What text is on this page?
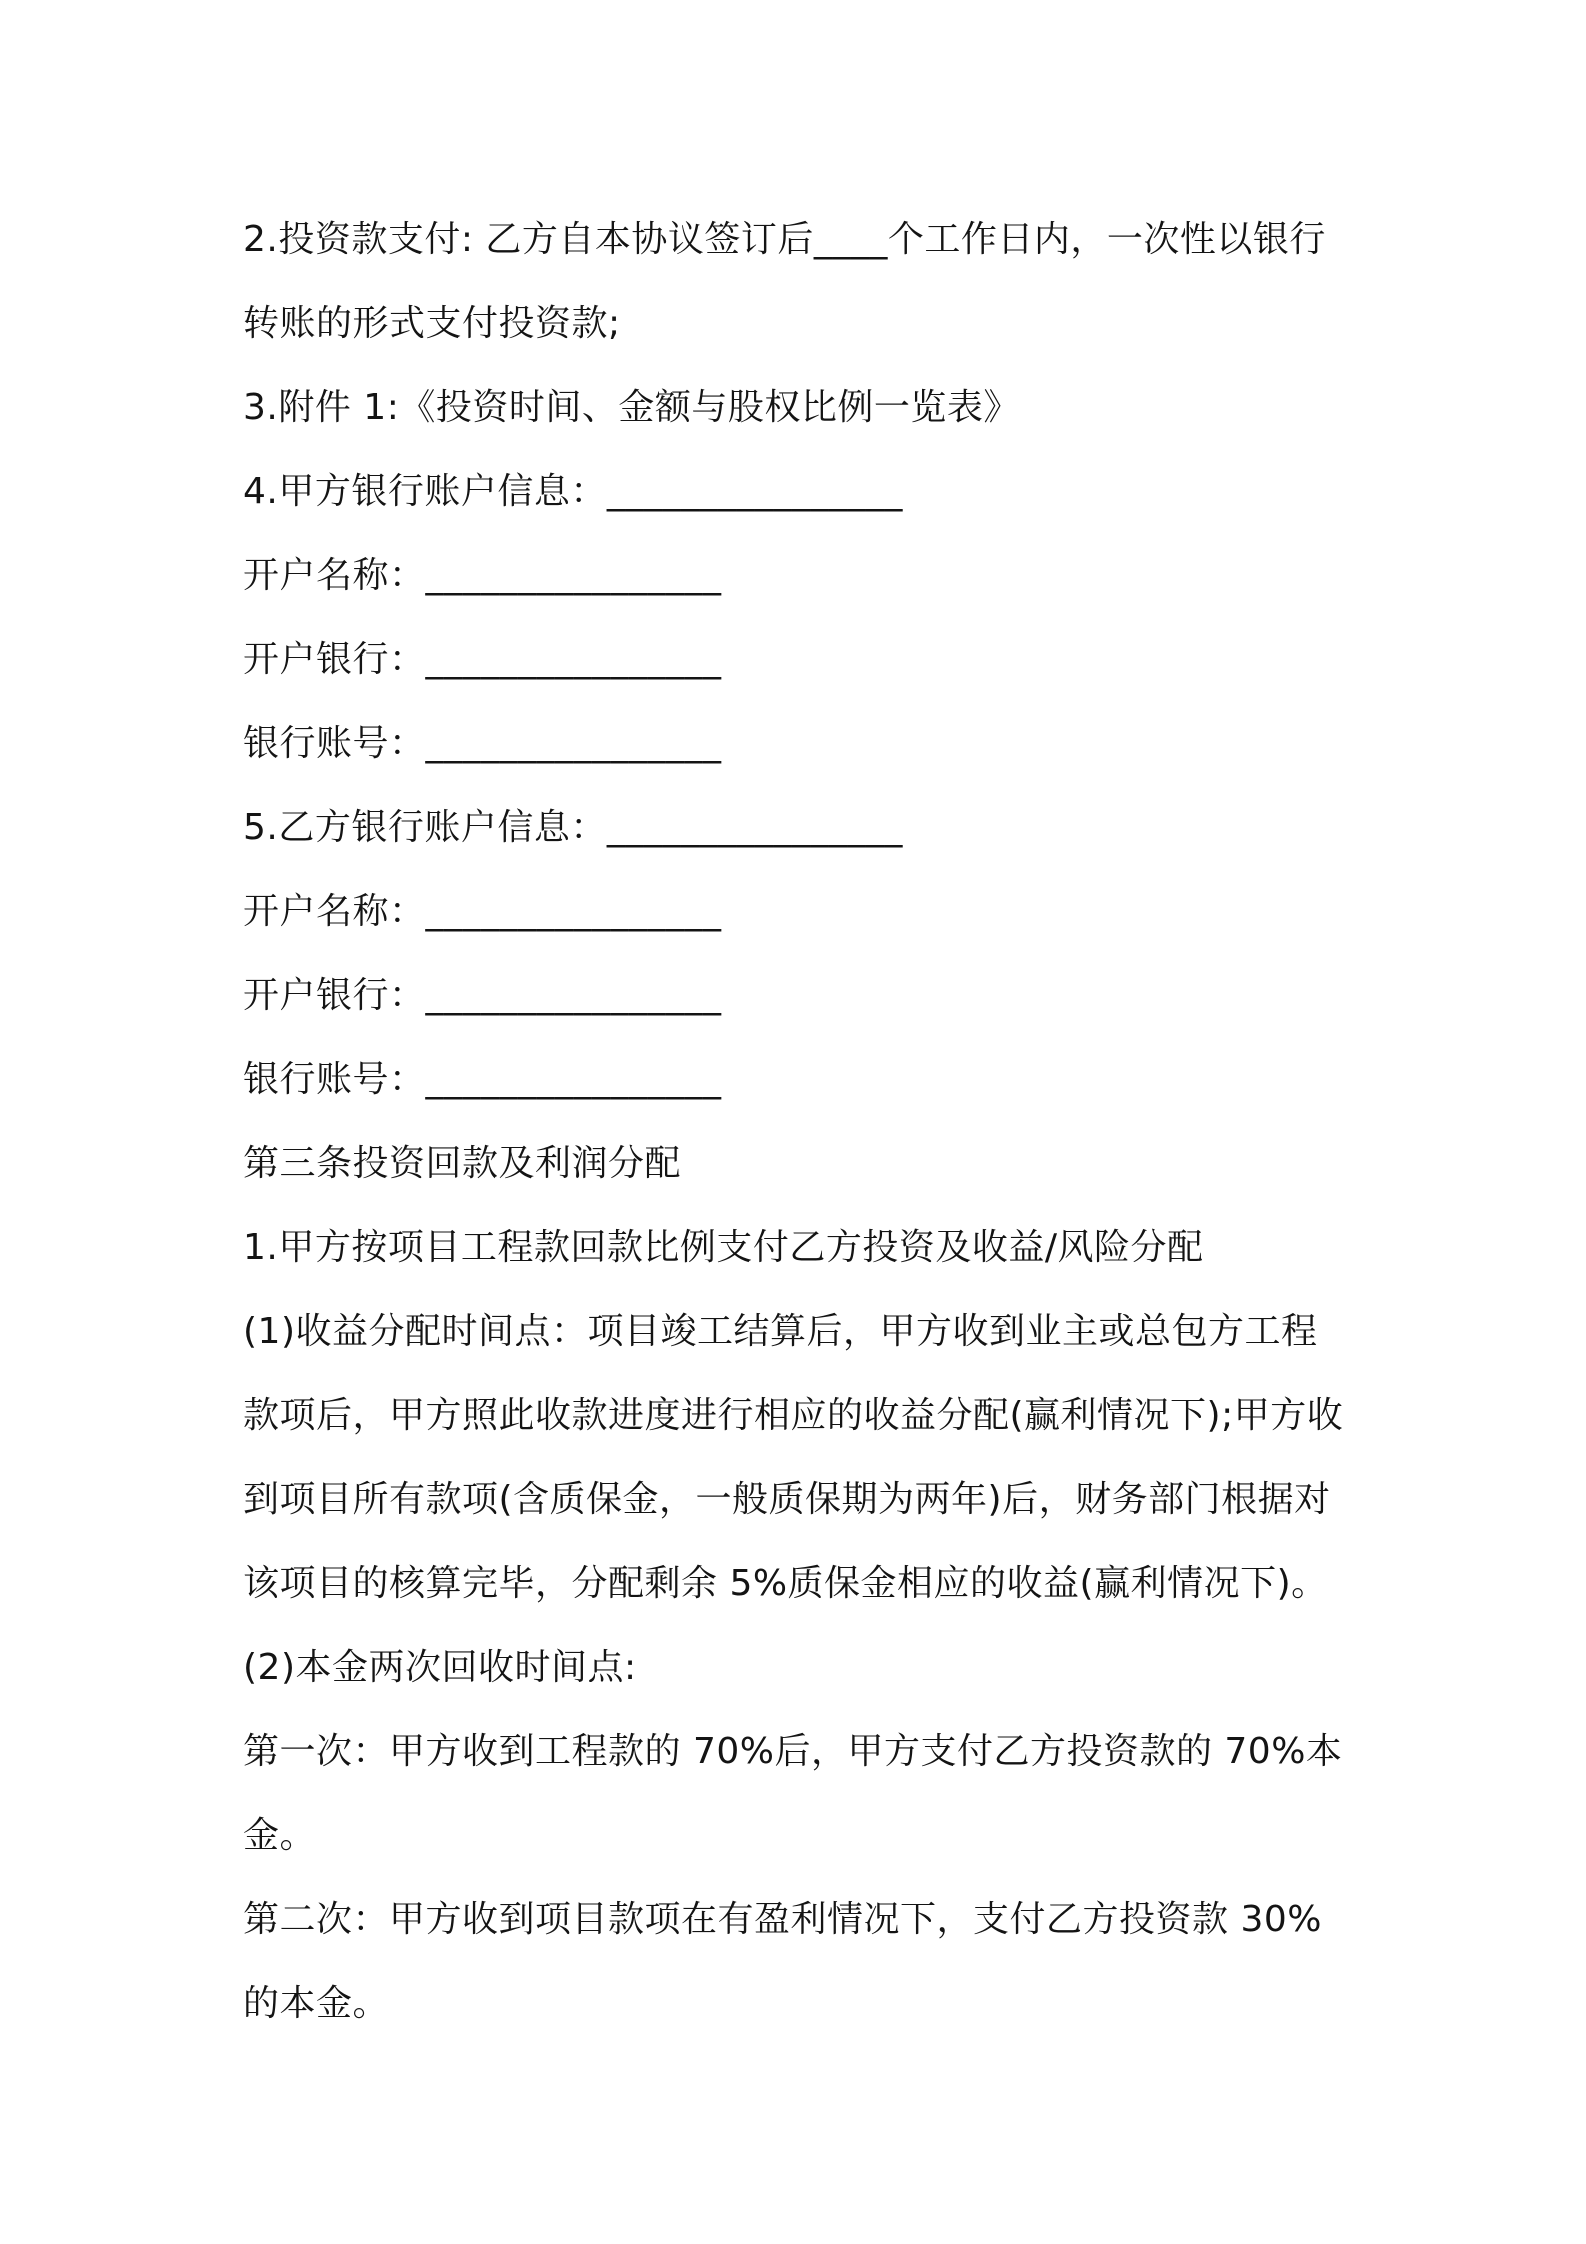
2.投资款支付: 乙方自本协议签订后____个工作日内，一次性以银行
转账的形式支付投资款;
3.附件 1:《投资时间、金额与股权比例一览表》
4.甲方银行账户信息：________________
开户名称：________________
开户银行：________________
银行账号：________________
5.乙方银行账户信息：________________
开户名称：________________
开户银行：________________
银行账号：________________
第三条投资回款及利润分配
1.甲方按项目工程款回款比例支付乙方投资及收益/风险分配
(1)收益分配时间点：项目竣工结算后，甲方收到业主或总包方工程
款项后，甲方照此收款进度进行相应的收益分配(赢利情况下);甲方收
到项目所有款项(含质保金，一般质保期为两年)后，财务部门根据对
该项目的核算完毕，分配剩余 5%质保金相应的收益(赢利情况下)。
(2)本金两次回收时间点:
第一次：甲方收到工程款的 70%后，甲方支付乙方投资款的 70%本
金。
第二次：甲方收到项目款项在有盈利情况下，支付乙方投资款 30%
的本金。
